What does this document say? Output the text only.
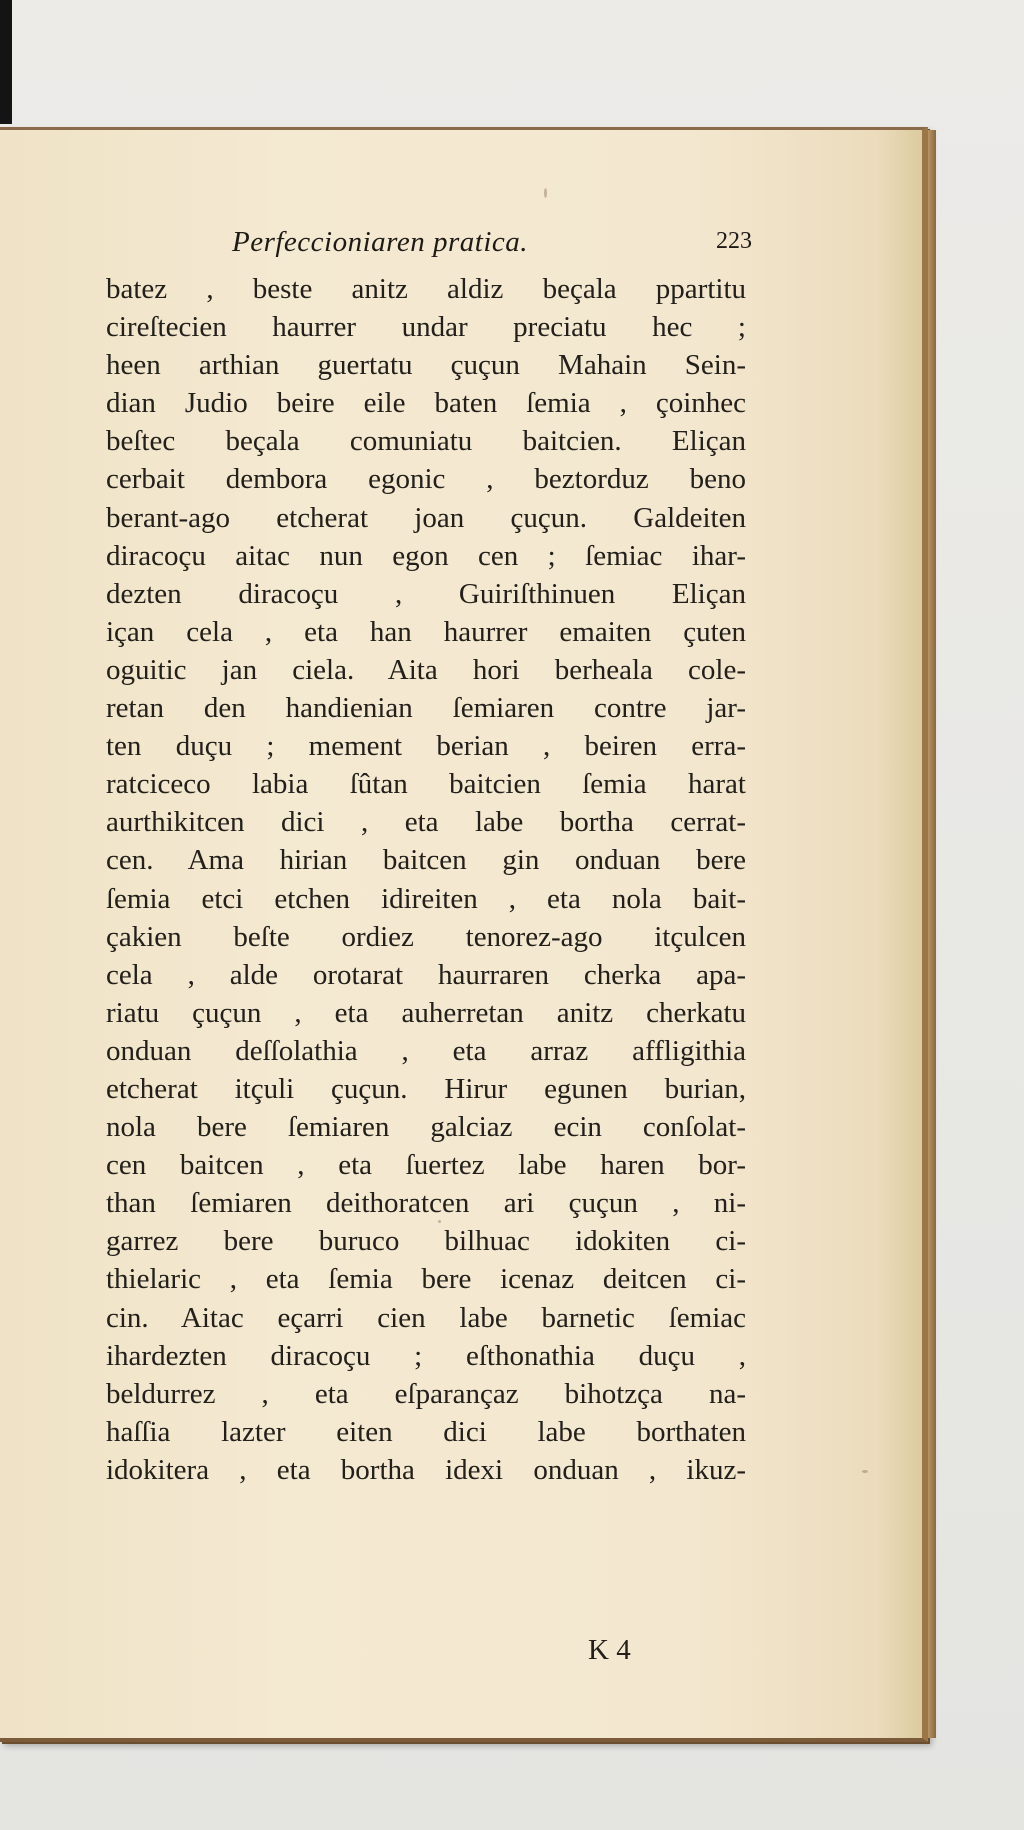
Perfeccioniaren pratica.	223
batez , beste anitz aldiz beçala ppartitu
cireſtecien haurrer undar preciatu hec ;
heen arthian guertatu çuçun Mahain Sein-
dian Judio beire eile baten ſemia , çoinhec
beſtec beçala comuniatu baitcien. Eliçan
cerbait dembora egonic , beztorduz beno
berant-ago etcherat joan çuçun. Galdeiten
diracoçu aitac nun egon cen ; ſemiac ihar-
dezten diracoçu , Guiriſthinuen Eliçan
içan cela , eta han haurrer emaiten çuten
oguitic jan ciela. Aita hori berheala cole-
retan den handienian ſemiaren contre jar-
ten duçu ; mement berian , beiren erra-
ratciceco labia ſûtan baitcien ſemia harat
aurthikitcen dici , eta labe bortha cerrat-
cen. Ama hirian baitcen gin onduan bere
ſemia etci etchen idireiten , eta nola bait-
çakien beſte ordiez tenorez-ago itçulcen
cela , alde orotarat haurraren cherka apa-
riatu çuçun , eta auherretan anitz cherkatu
onduan deſſolathia , eta arraz affligithia
etcherat itçuli çuçun. Hirur egunen burian,
nola bere ſemiaren galciaz ecin conſolat-
cen baitcen , eta ſuertez labe haren bor-
than ſemiaren deithoratcen ari çuçun , ni-
garrez bere buruco bilhuac idokiten ci-
thielaric , eta ſemia bere icenaz deitcen ci-
cin. Aitac eçarri cien labe barnetic ſemiac
ihardezten diracoçu ; eſthonathia duçu ,
beldurrez , eta eſparançaz bihotzça na-
haſſia lazter eiten dici labe borthaten
idokitera , eta bortha idexi onduan , ikuz-
K 4
